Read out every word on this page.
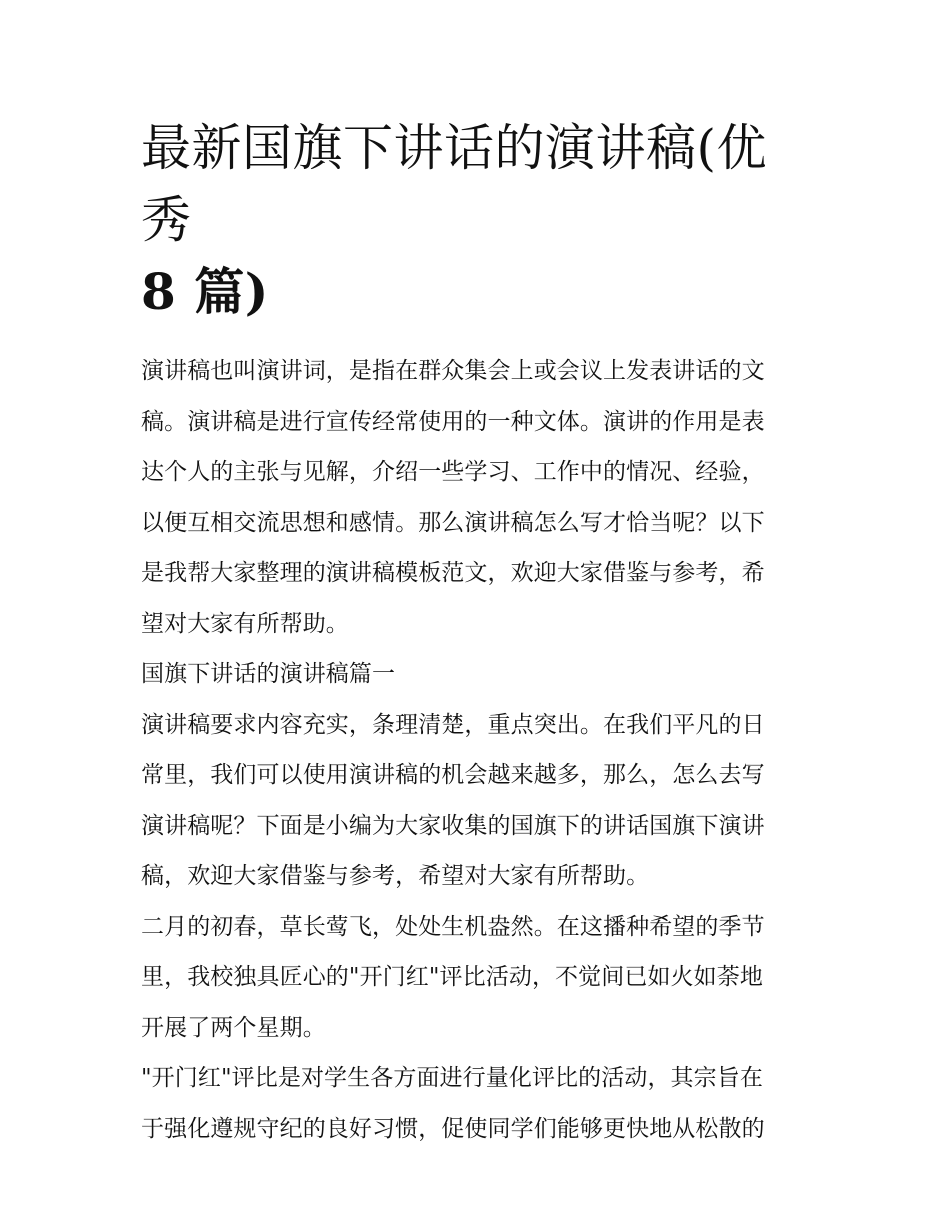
最新国旗下讲话的演讲稿(优秀
8 篇)

演讲稿也叫演讲词，是指在群众集会上或会议上发表讲话的文
稿。演讲稿是进行宣传经常使用的一种文体。演讲的作用是表
达个人的主张与见解，介绍一些学习、工作中的情况、经验，
以便互相交流思想和感情。那么演讲稿怎么写才恰当呢？以下
是我帮大家整理的演讲稿模板范文，欢迎大家借鉴与参考，希
望对大家有所帮助。

国旗下讲话的演讲稿篇一

演讲稿要求内容充实，条理清楚，重点突出。在我们平凡的日
常里，我们可以使用演讲稿的机会越来越多，那么，怎么去写
演讲稿呢？下面是小编为大家收集的国旗下的讲话国旗下演讲
稿，欢迎大家借鉴与参考，希望对大家有所帮助。

二月的初春，草长莺飞，处处生机盎然。在这播种希望的季节
里，我校独具匠心的"开门红"评比活动，不觉间已如火如荼地
开展了两个星期。

"开门红"评比是对学生各方面进行量化评比的活动，其宗旨在
于强化遵规守纪的良好习惯，促使同学们能够更快地从松散的
